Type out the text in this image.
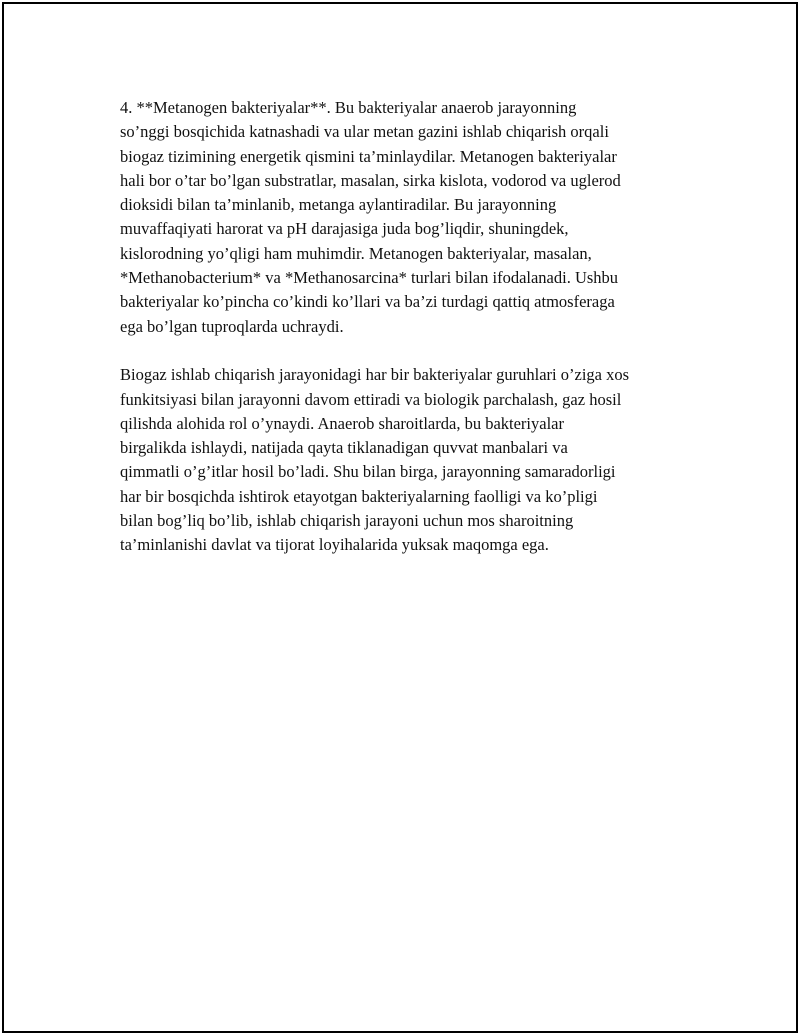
4. **Metanogen bakteriyalar**. Bu bakteriyalar anaerob jarayonning
so’nggi bosqichida katnashadi va ular metan gazini ishlab chiqarish orqali
biogaz tizimining energetik qismini ta’minlaydilar. Metanogen bakteriyalar
hali bor o’tar bo’lgan substratlar, masalan, sirka kislota, vodorod va uglerod
dioksidi bilan ta’minlanib, metanga aylantiradilar. Bu jarayonning
muvaffaqiyati harorat va pH darajasiga juda bog’liqdir, shuningdek,
kislorodning yo’qligi ham muhimdir. Metanogen bakteriyalar, masalan,
*Methanobacterium* va *Methanosarcina* turlari bilan ifodalanadi. Ushbu
bakteriyalar ko’pincha co’kindi ko’llari va ba’zi turdagi qattiq atmosferaga
ega bo’lgan tuproqlarda uchraydi.

Biogaz ishlab chiqarish jarayonidagi har bir bakteriyalar guruhlari o’ziga xos
funkitsiyasi bilan jarayonni davom ettiradi va biologik parchalash, gaz hosil
qilishda alohida rol o’ynaydi. Anaerob sharoitlarda, bu bakteriyalar
birgalikda ishlaydi, natijada qayta tiklanadigan quvvat manbalari va
qimmatli o’g’itlar hosil bo’ladi. Shu bilan birga, jarayonning samaradorligi
har bir bosqichda ishtirok etayotgan bakteriyalarning faolligi va ko’pligi
bilan bog’liq bo’lib, ishlab chiqarish jarayoni uchun mos sharoitning
ta’minlanishi davlat va tijorat loyihalarida yuksak maqomga ega.
